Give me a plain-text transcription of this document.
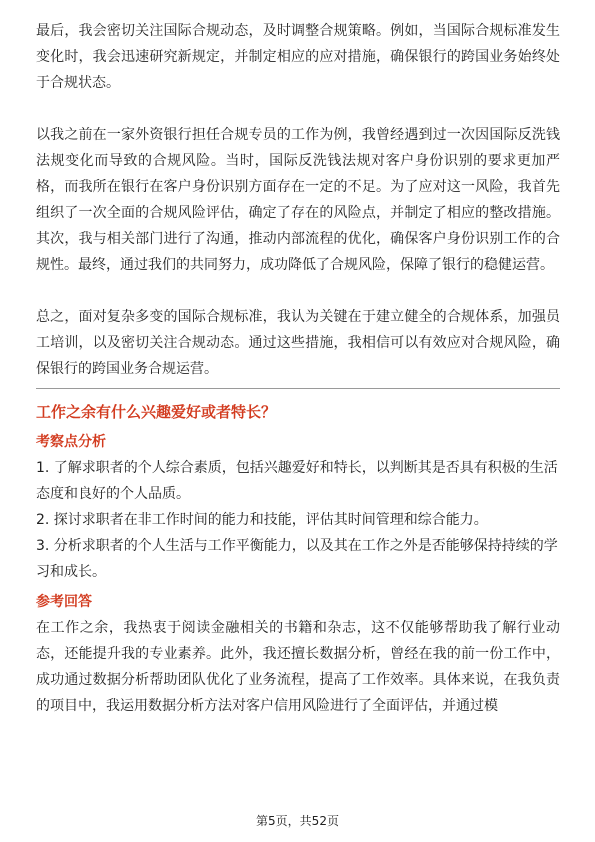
最后，我会密切关注国际合规动态，及时调整合规策略。例如，当国际合规标准发生变化时，我会迅速研究新规定，并制定相应的应对措施，确保银行的跨国业务始终处于合规状态。

以我之前在一家外资银行担任合规专员的工作为例，我曾经遇到过一次因国际反洗钱法规变化而导致的合规风险。当时，国际反洗钱法规对客户身份识别的要求更加严格，而我所在银行在客户身份识别方面存在一定的不足。为了应对这一风险，我首先组织了一次全面的合规风险评估，确定了存在的风险点，并制定了相应的整改措施。其次，我与相关部门进行了沟通，推动内部流程的优化，确保客户身份识别工作的合规性。最终，通过我们的共同努力，成功降低了合规风险，保障了银行的稳健运营。

总之，面对复杂多变的国际合规标准，我认为关键在于建立健全的合规体系，加强员工培训，以及密切关注合规动态。通过这些措施，我相信可以有效应对合规风险，确保银行的跨国业务合规运营。

工作之余有什么兴趣爱好或者特长？

考察点分析

1. 了解求职者的个人综合素质，包括兴趣爱好和特长，以判断其是否具有积极的生活态度和良好的个人品质。

2. 探讨求职者在非工作时间的能力和技能，评估其时间管理和综合能力。

3. 分析求职者的个人生活与工作平衡能力，以及其在工作之外是否能够保持持续的学习和成长。

参考回答

在工作之余，我热衷于阅读金融相关的书籍和杂志，这不仅能够帮助我了解行业动态，还能提升我的专业素养。此外，我还擅长数据分析，曾经在我的前一份工作中，成功通过数据分析帮助团队优化了业务流程，提高了工作效率。具体来说，在我负责的项目中，我运用数据分析方法对客户信用风险进行了全面评估，并通过模

第5页，共52页
